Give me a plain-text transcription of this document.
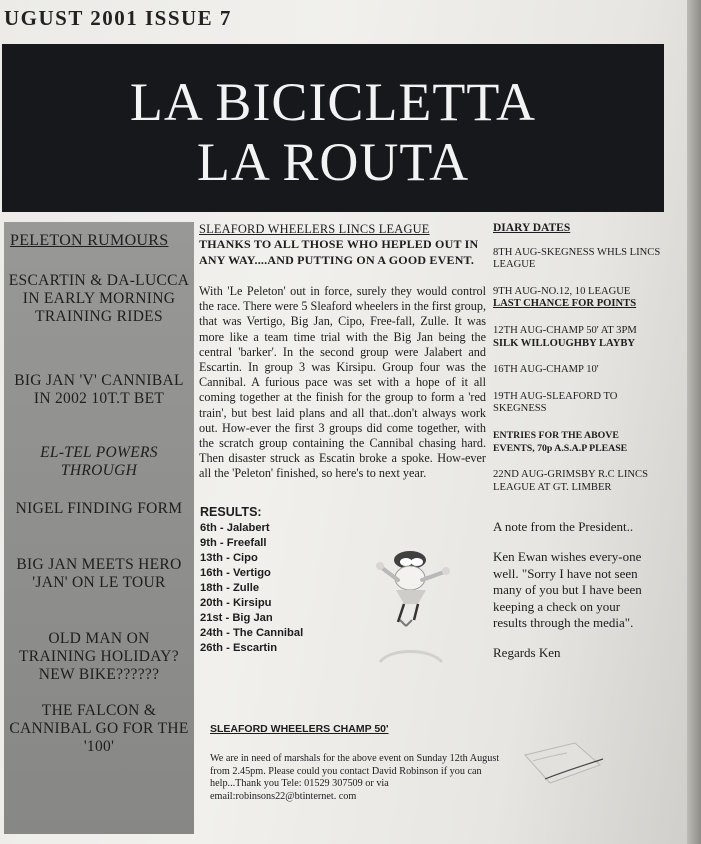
UGUST 2001 ISSUE 7
LA BICICLETTA
LA ROUTA
PELETON RUMOURS
ESCARTIN & DA-LUCCA IN EARLY MORNING TRAINING RIDES
BIG JAN 'V' CANNIBAL IN 2002 10T.T BET
EL-TEL POWERS THROUGH
NIGEL FINDING FORM
BIG JAN MEETS HERO 'JAN' ON LE TOUR
OLD MAN ON TRAINING HOLIDAY? NEW BIKE??????
THE FALCON & CANNIBAL GO FOR THE '100'
SLEAFORD WHEELERS LINCS LEAGUE
THANKS TO ALL THOSE WHO HEPLED OUT IN ANY WAY....AND PUTTING ON A GOOD EVENT.
With 'Le Peleton' out in force, surely they would control the race. There were 5 Sleaford wheelers in the first group, that was Vertigo, Big Jan, Cipo, Free-fall, Zulle. It was more like a team time trial with the Big Jan being the central 'barker'. In the second group were Jalabert and Escartin. In group 3 was Kirsipu. Group four was the Cannibal. A furious pace was set with a hope of it all coming together at the finish for the group to form a 'red train', but best laid plans and all that..don't always work out. How-ever the first 3 groups did come together, with the scratch group containing the Cannibal chasing hard. Then disaster struck as Escatin broke a spoke. How-ever all the 'Peleton' finished, so here's to next year.
RESULTS:
6th - Jalabert
9th - Freefall
13th - Cipo
16th - Vertigo
18th - Zulle
20th - Kirsipu
21st - Big Jan
24th - The Cannibal
26th - Escartin
SLEAFORD WHEELERS CHAMP 50'
We are in need of marshals for the above event on Sunday 12th August from 2.45pm. Please could you contact David Robinson if you can help...Thank you Tele: 01529 307509 or via email:robinsons22@btinternet. com
DIARY DATES
8TH AUG-SKEGNESS WHLS LINCS LEAGUE
9TH AUG-NO.12, 10 LEAGUE
LAST CHANCE FOR POINTS
12TH AUG-CHAMP 50' AT 3PM
SILK WILLOUGHBY LAYBY
16TH AUG-CHAMP 10'
19TH AUG-SLEAFORD TO SKEGNESS
ENTRIES FOR THE ABOVE EVENTS, 70p A.S.A.P PLEASE
22ND AUG-GRIMSBY R.C LINCS LEAGUE AT GT. LIMBER

A note from the President..

Ken Ewan wishes every-one well. "Sorry I have not seen many of you but I have been keeping a check on your results through the media".

Regards Ken
